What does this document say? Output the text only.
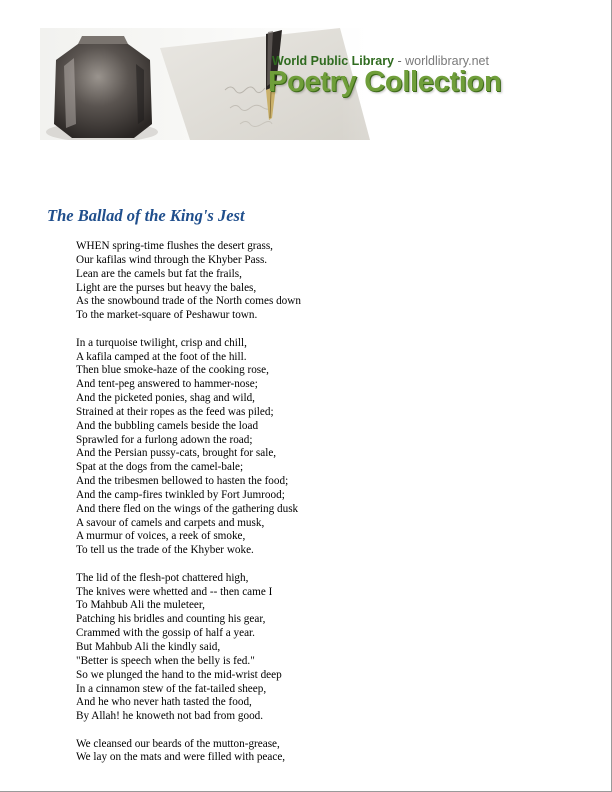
World Public Library - worldlibrary.net
Poetry Collection
The Ballad of the King's Jest
WHEN spring-time flushes the desert grass,
Our kafilas wind through the Khyber Pass.
Lean are the camels but fat the frails,
Light are the purses but heavy the bales,
As the snowbound trade of the North comes down
To the market-square of Peshawur town.
In a turquoise twilight, crisp and chill,
A kafila camped at the foot of the hill.
Then blue smoke-haze of the cooking rose,
And tent-peg answered to hammer-nose;
And the picketed ponies, shag and wild,
Strained at their ropes as the feed was piled;
And the bubbling camels beside the load
Sprawled for a furlong adown the road;
And the Persian pussy-cats, brought for sale,
Spat at the dogs from the camel-bale;
And the tribesmen bellowed to hasten the food;
And the camp-fires twinkled by Fort Jumrood;
And there fled on the wings of the gathering dusk
A savour of camels and carpets and musk,
A murmur of voices, a reek of smoke,
To tell us the trade of the Khyber woke.
The lid of the flesh-pot chattered high,
The knives were whetted and -- then came I
To Mahbub Ali the muleteer,
Patching his bridles and counting his gear,
Crammed with the gossip of half a year.
But Mahbub Ali the kindly said,
"Better is speech when the belly is fed."
So we plunged the hand to the mid-wrist deep
In a cinnamon stew of the fat-tailed sheep,
And he who never hath tasted the food,
By Allah! he knoweth not bad from good.
We cleansed our beards of the mutton-grease,
We lay on the mats and were filled with peace,
